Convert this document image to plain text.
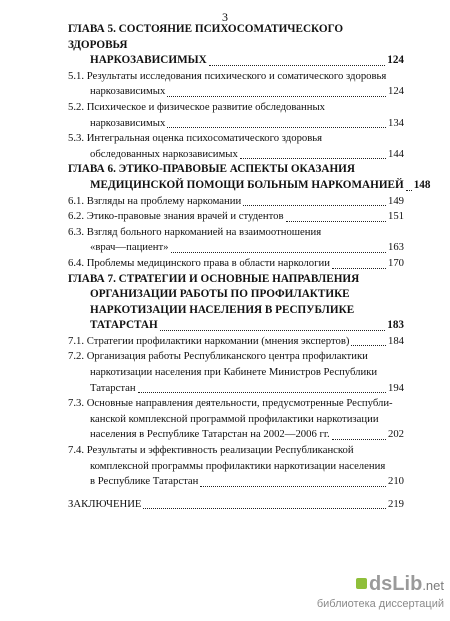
3
ГЛАВА 5. СОСТОЯНИЕ ПСИХОСОМАТИЧЕСКОГО ЗДОРОВЬЯ
НАРКОЗАВИСИМЫХ	124
5.1. Результаты исследования психического и соматического здоровья
наркозависимых	124
5.2. Психическое и физическое развитие обследованных
наркозависимых	134
5.3. Интегральная оценка психосоматического здоровья
обследованных наркозависимых	144
ГЛАВА 6. ЭТИКО-ПРАВОВЫЕ АСПЕКТЫ ОКАЗАНИЯ
МЕДИЦИНСКОЙ ПОМОЩИ БОЛЬНЫМ НАРКОМАНИЕЙ 148
6.1. Взгляды на проблему наркомании	149
6.2. Этико-правовые знания врачей и студентов	151
6.3. Взгляд больного наркоманией на взаимоотношения
«врач—пациент»	163
6.4. Проблемы медицинского права в области наркологии	170
ГЛАВА 7. СТРАТЕГИИ И ОСНОВНЫЕ НАПРАВЛЕНИЯ
ОРГАНИЗАЦИИ РАБОТЫ ПО ПРОФИЛАКТИКЕ
НАРКОТИЗАЦИИ НАСЕЛЕНИЯ В РЕСПУБЛИКЕ
ТАТАРСТАН	183
7.1. Стратегии профилактики наркомании (мнения экспертов)	184
7.2. Организация работы Республиканского центра профилактики
наркотизации населения при Кабинете Министров Республики
Татарстан	194
7.3. Основные направления деятельности, предусмотренные Республи-
канской комплексной программой профилактики наркотизации
населения в Республике Татарстан на 2002—2006 гг.	202
7.4. Результаты и эффективность реализации Республиканской
комплексной программы профилактики наркотизации населения
в Республике Татарстан	210
ЗАКЛЮЧЕНИЕ	219
dsLib.net
библиотека диссертаций
